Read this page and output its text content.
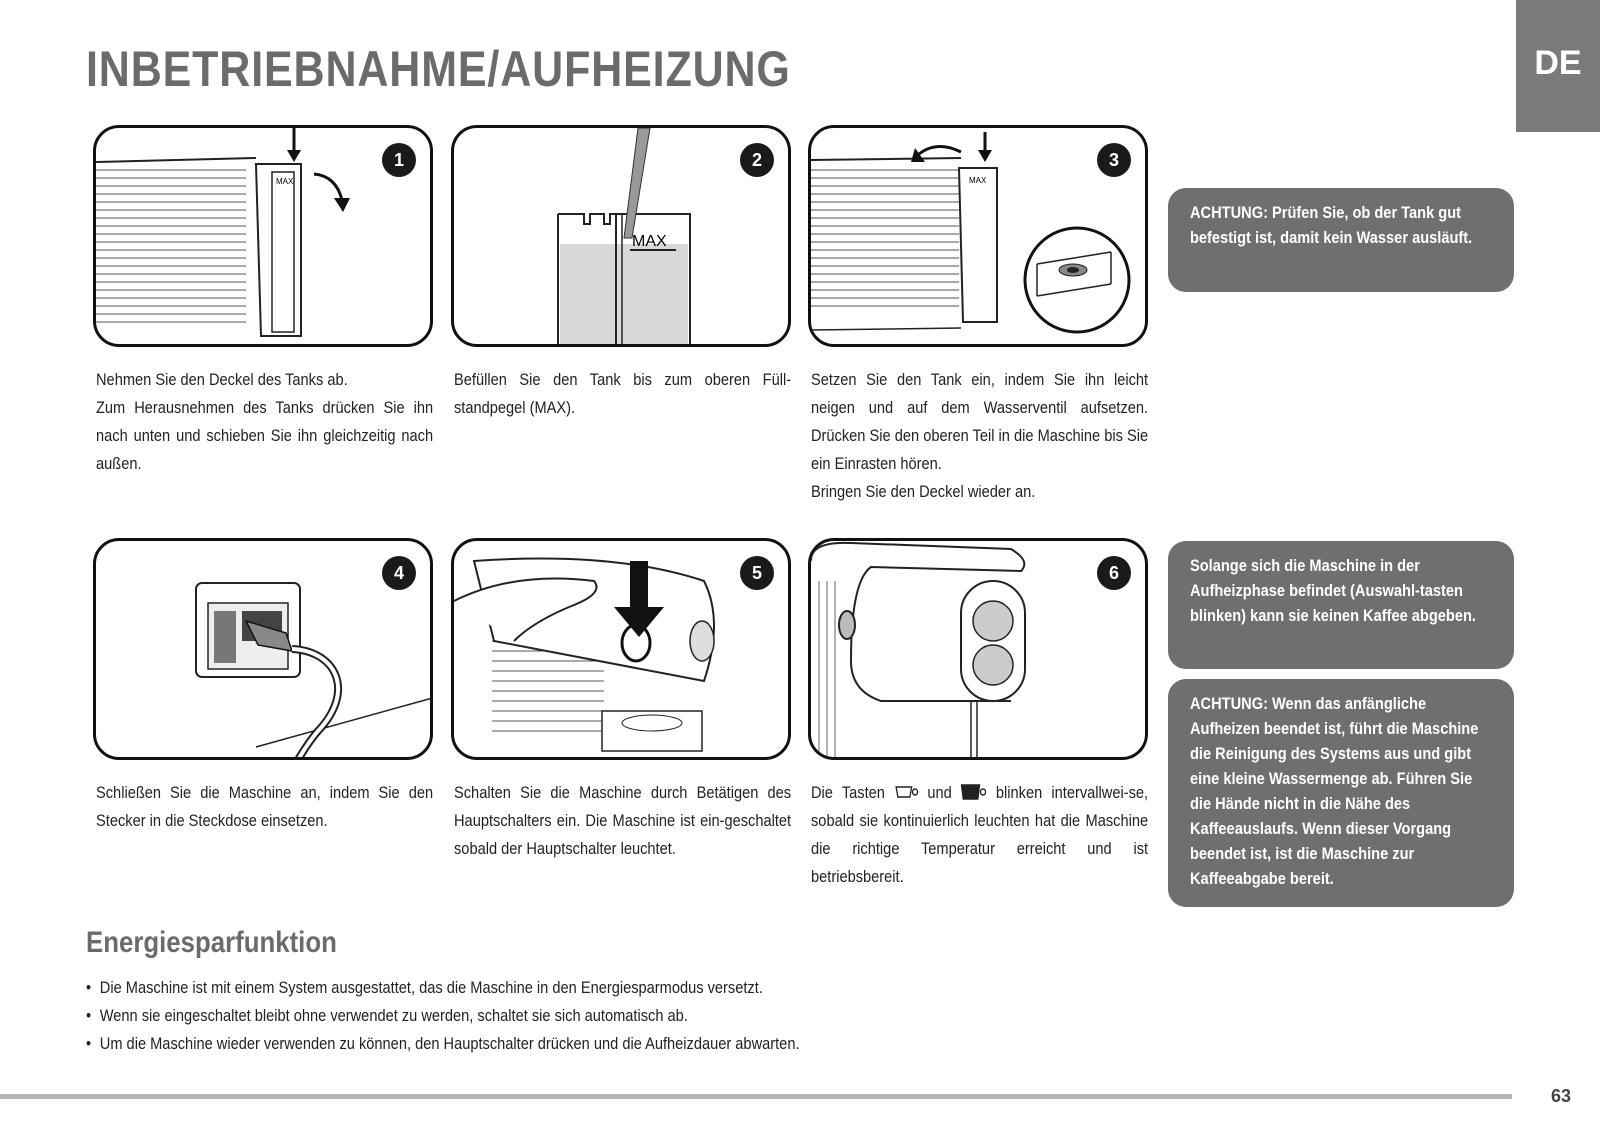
INBETRIEBNAHME/AUFHEIZUNG	DE
1
MAX
2
MAX
3
MAX

Nehmen Sie den Deckel des Tanks ab.

Zum Herausnehmen des Tanks drücken Sie ihn nach unten und schieben Sie ihn gleichzeitig nach außen.

Befüllen Sie den Tank bis zum oberen Füll-standpegel (MAX).

Setzen Sie den Tank ein, indem Sie ihn leicht neigen und auf dem Wasserventil aufsetzen. Drücken Sie den oberen Teil in die Maschine bis Sie ein Einrasten hören.

Bringen Sie den Deckel wieder an.

4	5	6

Schließen Sie die Maschine an, indem Sie den Stecker in die Steckdose einsetzen.

Schalten Sie die Maschine durch Betätigen des Hauptschalters ein. Die Maschine ist ein-geschaltet sobald der Hauptschalter leuchtet.

Die Tasten und	blinken intervallwei-se, sobald sie kontinuierlich leuchten hat die Maschine die richtige Temperatur erreicht und ist betriebsbereit.

ACHTUNG: Prüfen Sie, ob der Tank gut befestigt ist, damit kein Wasser ausläuft.
Solange sich die Maschine in der Aufheizphase befindet (Auswahl-tasten blinken) kann sie keinen Kaffee abgeben.
ACHTUNG: Wenn das anfängliche Aufheizen beendet ist, führt die Maschine die Reinigung des Systems aus und gibt eine kleine Wassermenge ab. Führen Sie die Hände nicht in die Nähe des Kaffeeauslaufs. Wenn dieser Vorgang beendet ist, ist die Maschine zur Kaffeeabgabe bereit.
Energiesparfunktion
• Die Maschine ist mit einem System ausgestattet, das die Maschine in den Energiesparmodus versetzt.
• Wenn sie eingeschaltet bleibt ohne verwendet zu werden, schaltet sie sich automatisch ab.
• Um die Maschine wieder verwenden zu können, den Hauptschalter drücken und die Aufheizdauer abwarten.
63
